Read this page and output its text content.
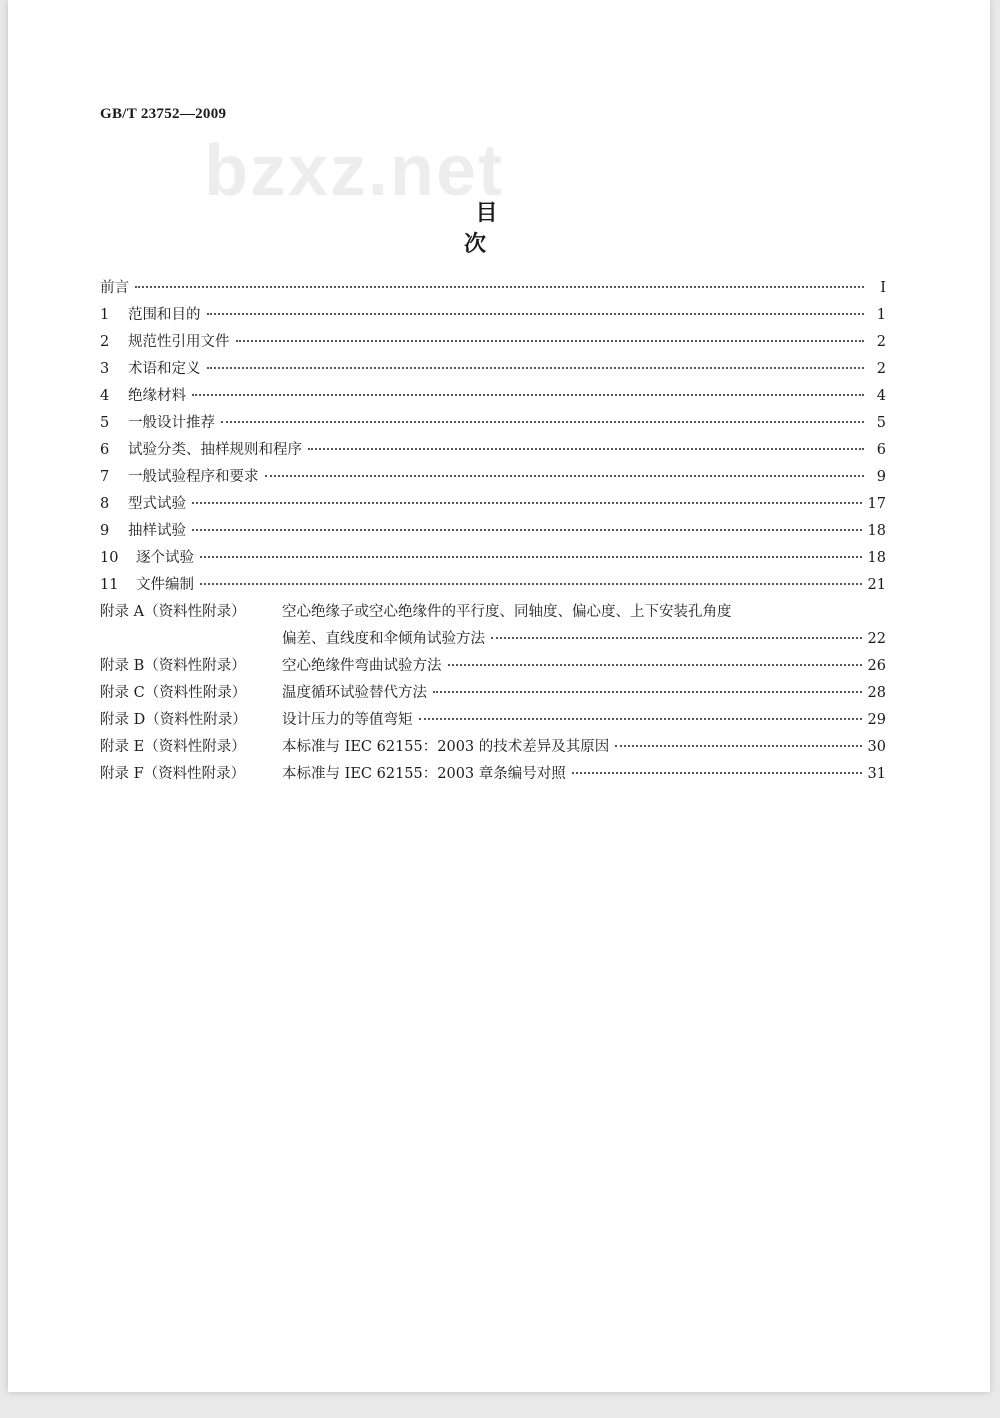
GB/T 23752—2009
bzxz.net
目　次
前言	Ⅰ
1	范围和目的	1
2	规范性引用文件	2
3	术语和定义	2
4	绝缘材料	4
5	一般设计推荐	5
6	试验分类、抽样规则和程序	6
7	一般试验程序和要求	9
8	型式试验	17
9	抽样试验	18
10	逐个试验	18
11	文件编制	21
附录 A（资料性附录）	空心绝缘子或空心绝缘件的平行度、同轴度、偏心度、上下安装孔角度
偏差、直线度和伞倾角试验方法	22
附录 B（资料性附录）	空心绝缘件弯曲试验方法	26
附录 C（资料性附录）	温度循环试验替代方法	28
附录 D（资料性附录）	设计压力的等值弯矩	29
附录 E（资料性附录）	本标准与 IEC 62155：2003 的技术差异及其原因	30
附录 F（资料性附录）	本标准与 IEC 62155：2003 章条编号对照	31
